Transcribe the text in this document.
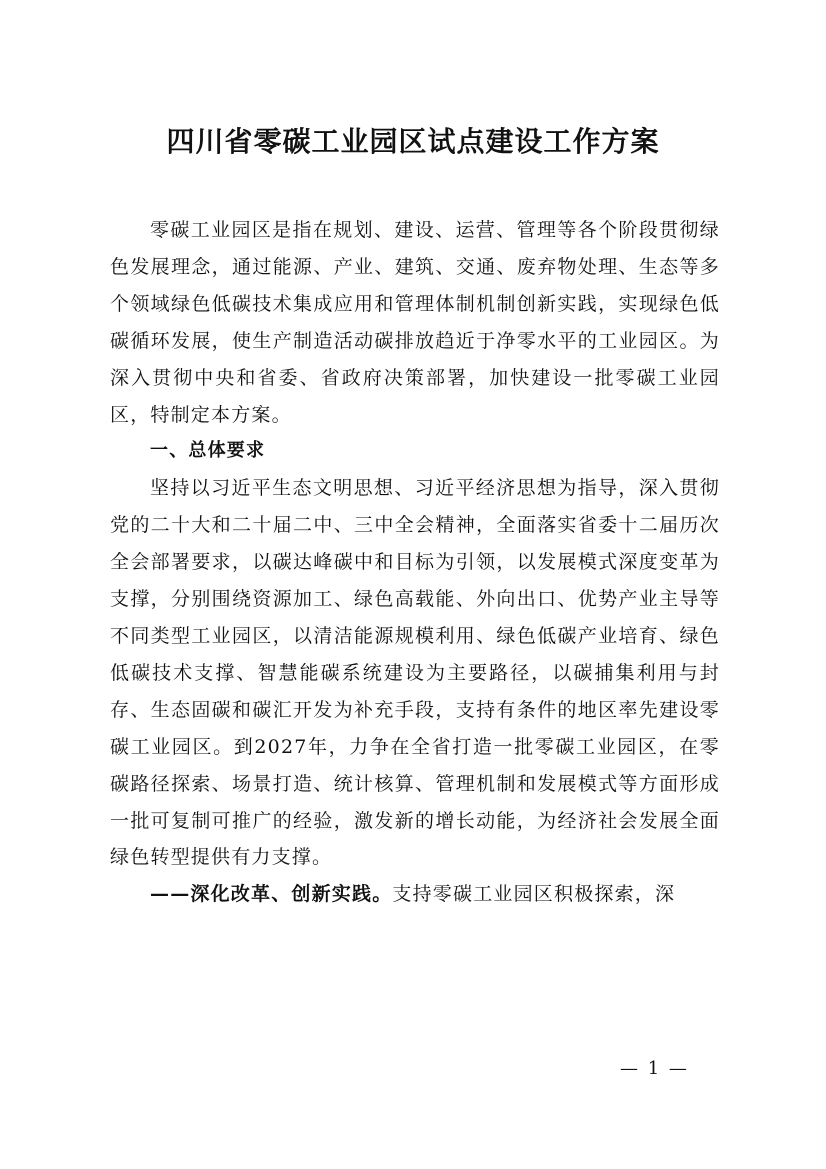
四川省零碳工业园区试点建设工作方案

零碳工业园区是指在规划、建设、运营、管理等各个阶段贯彻绿色发展理念，通过能源、产业、建筑、交通、废弃物处理、生态等多个领域绿色低碳技术集成应用和管理体制机制创新实践，实现绿色低碳循环发展，使生产制造活动碳排放趋近于净零水平的工业园区。为深入贯彻中央和省委、省政府决策部署，加快建设一批零碳工业园区，特制定本方案。

一、总体要求

坚持以习近平生态文明思想、习近平经济思想为指导，深入贯彻党的二十大和二十届二中、三中全会精神，全面落实省委十二届历次全会部署要求，以碳达峰碳中和目标为引领，以发展模式深度变革为支撑，分别围绕资源加工、绿色高载能、外向出口、优势产业主导等不同类型工业园区，以清洁能源规模利用、绿色低碳产业培育、绿色低碳技术支撑、智慧能碳系统建设为主要路径，以碳捕集利用与封存、生态固碳和碳汇开发为补充手段，支持有条件的地区率先建设零碳工业园区。到2027年，力争在全省打造一批零碳工业园区，在零碳路径探索、场景打造、统计核算、管理机制和发展模式等方面形成一批可复制可推广的经验，激发新的增长动能，为经济社会发展全面绿色转型提供有力支撑。

——深化改革、创新实践。支持零碳工业园区积极探索，深

— 1 —
